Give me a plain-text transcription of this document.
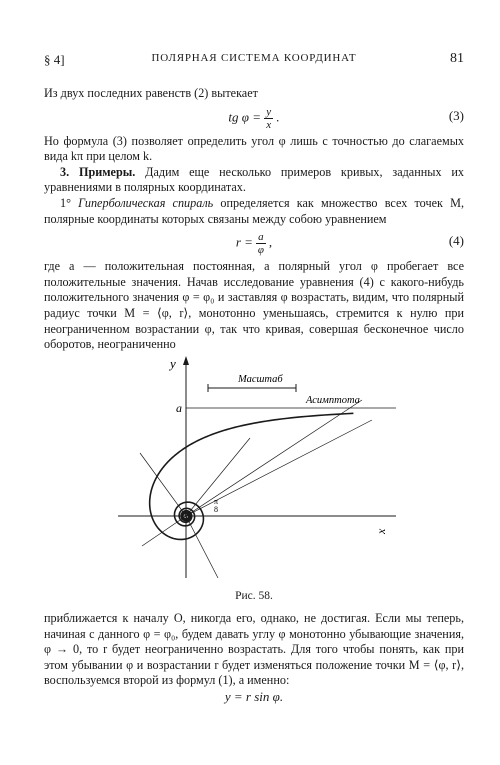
§ 4]	ПОЛЯРНАЯ СИСТЕМА КООРДИНАТ	81

Из двух последних равенств (2) вытекает

tg $\varphi = \frac{y}{x}$ .	(3)

Но формула (3) позволяет определить угол φ лишь с точностью до слагаемых вида kπ при целом k.

3. Примеры. Дадим еще несколько примеров кривых, заданных их уравнениями в полярных координатах.

1° Гиперболическая спираль определяется как множество всех точек M, полярные координаты которых связаны между собою уравнением

$r = \frac{a}{\varphi}$ ,	(4)

где a — положительная постоянная, а полярный угол φ пробегает все положительные значения. Начав исследование уравнения (4) с какого-нибудь положительного значения φ = φ₀ и заставляя φ возрастать, видим, что полярный радиус точки M = ⟨φ, r⟩, монотонно уменьшаясь, стремится к нулю при неограниченном возрастании φ, так что кривая, совершая бесконечное число оборотов, неограниченно

y
x
Масштаб
a
Асимптота
π
8
Рис. 58.

приближается к началу O, никогда его, однако, не достигая. Если мы теперь, начиная с данного φ = φ₀, будем давать углу φ монотонно убывающие значения, φ → 0, то r будет неограниченно возрастать. Для того чтобы понять, как при этом убывании φ и возрастании r будет изменяться положение точки M = ⟨φ, r⟩, воспользуемся второй из формул (1), а именно:

y = r sin φ.
